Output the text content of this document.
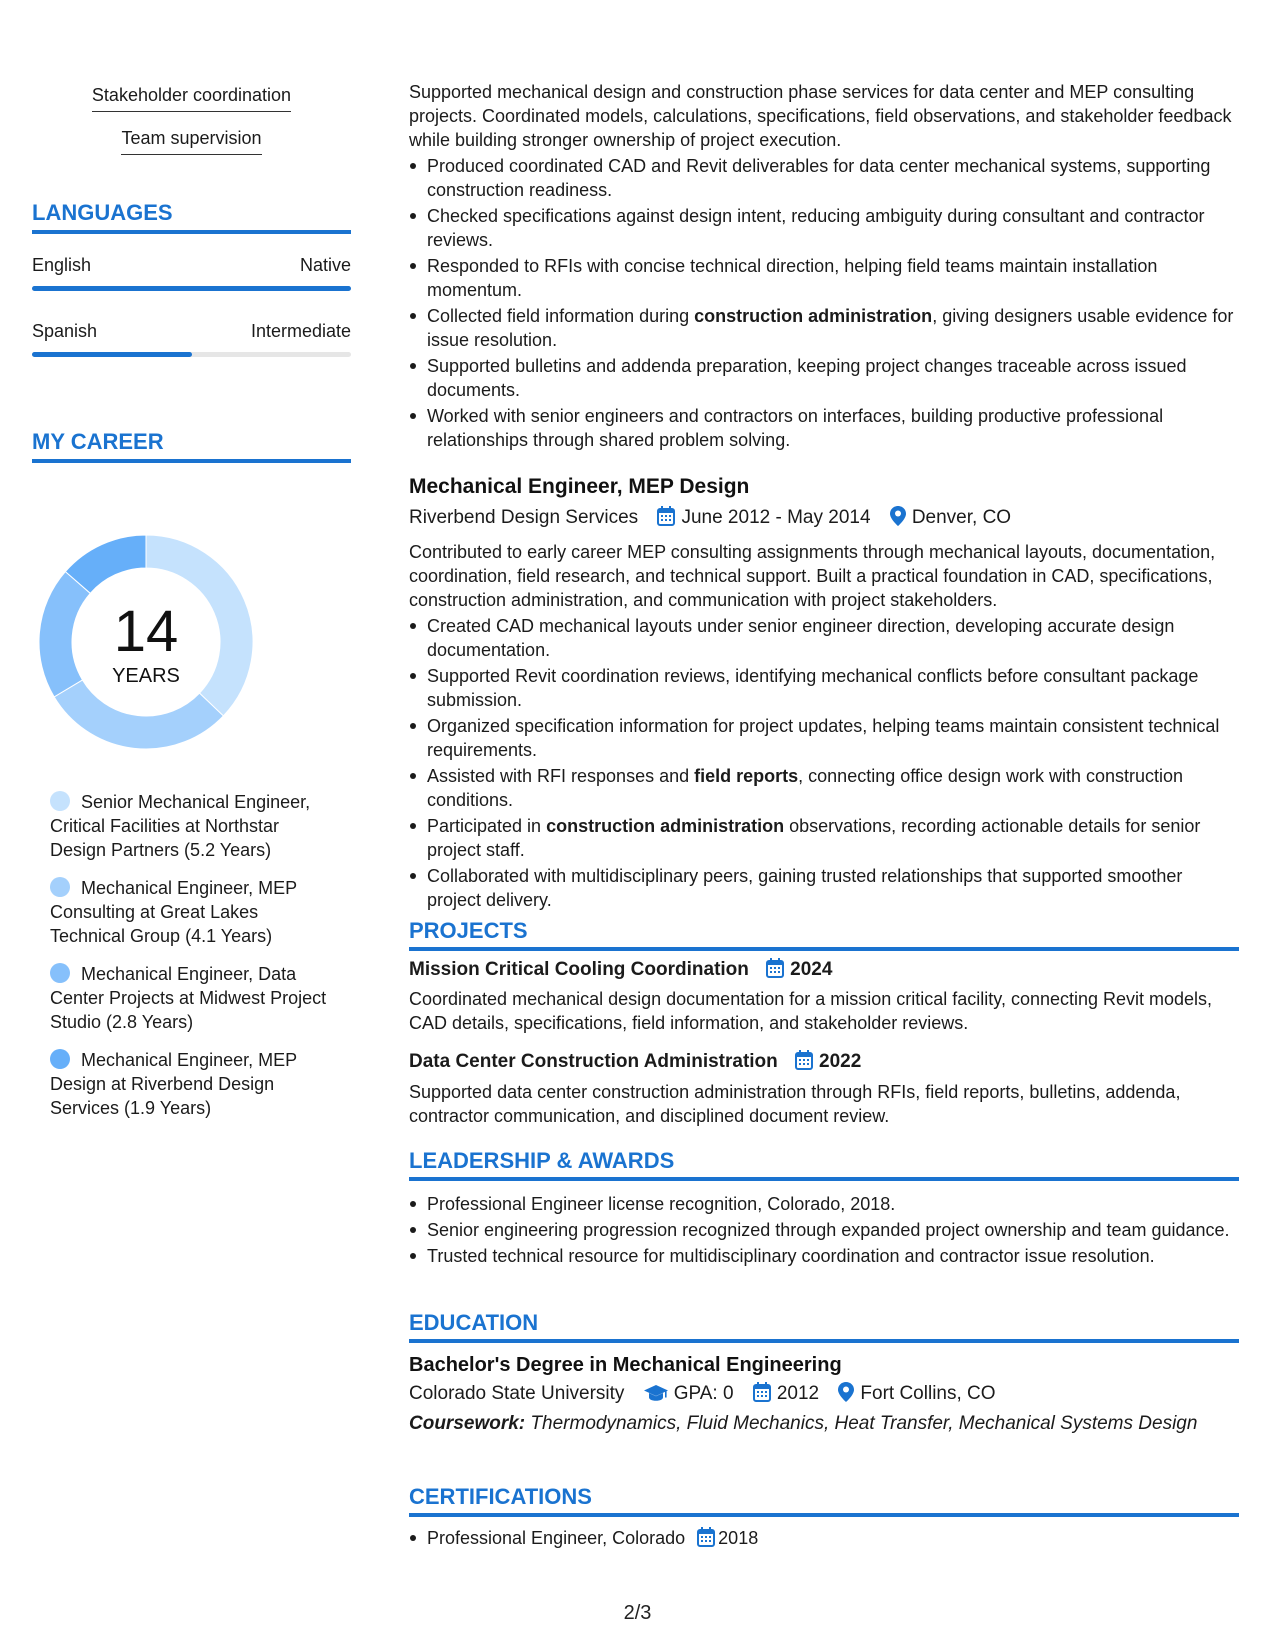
Stakeholder coordination
Team supervision
LANGUAGES
English	Native
Spanish	Intermediate
MY CAREER
14
YEARS
Senior Mechanical Engineer, Critical Facilities at Northstar Design Partners (5.2 Years)
Mechanical Engineer, MEP Consulting at Great Lakes Technical Group (4.1 Years)
Mechanical Engineer, Data Center Projects at Midwest Project Studio (2.8 Years)
Mechanical Engineer, MEP Design at Riverbend Design Services (1.9 Years)
Supported mechanical design and construction phase services for data center and MEP consulting projects. Coordinated models, calculations, specifications, field observations, and stakeholder feedback while building stronger ownership of project execution.
Produced coordinated CAD and Revit deliverables for data center mechanical systems, supporting construction readiness.
Checked specifications against design intent, reducing ambiguity during consultant and contractor reviews.
Responded to RFIs with concise technical direction, helping field teams maintain installation momentum.
Collected field information during construction administration, giving designers usable evidence for issue resolution.
Supported bulletins and addenda preparation, keeping project changes traceable across issued documents.
Worked with senior engineers and contractors on interfaces, building productive professional relationships through shared problem solving.
Mechanical Engineer, MEP Design
Riverbend Design Services June 2012 - May 2014 Denver, CO
Contributed to early career MEP consulting assignments through mechanical layouts, documentation, coordination, field research, and technical support. Built a practical foundation in CAD, specifications, construction administration, and communication with project stakeholders.
Created CAD mechanical layouts under senior engineer direction, developing accurate design documentation.
Supported Revit coordination reviews, identifying mechanical conflicts before consultant package submission.
Organized specification information for project updates, helping teams maintain consistent technical requirements.
Assisted with RFI responses and field reports, connecting office design work with construction conditions.
Participated in construction administration observations, recording actionable details for senior project staff.
Collaborated with multidisciplinary peers, gaining trusted relationships that supported smoother project delivery.
PROJECTS
Mission Critical Cooling Coordination 2024
Coordinated mechanical design documentation for a mission critical facility, connecting Revit models, CAD details, specifications, field information, and stakeholder reviews.
Data Center Construction Administration 2022
Supported data center construction administration through RFIs, field reports, bulletins, addenda, contractor communication, and disciplined document review.
LEADERSHIP & AWARDS
Professional Engineer license recognition, Colorado, 2018.
Senior engineering progression recognized through expanded project ownership and team guidance.
Trusted technical resource for multidisciplinary coordination and contractor issue resolution.
EDUCATION
Bachelor's Degree in Mechanical Engineering
Colorado State University	GPA: 0 2012 Fort Collins, CO
Coursework: Thermodynamics, Fluid Mechanics, Heat Transfer, Mechanical Systems Design
CERTIFICATIONS
Professional Engineer, Colorado 2018
2/3
